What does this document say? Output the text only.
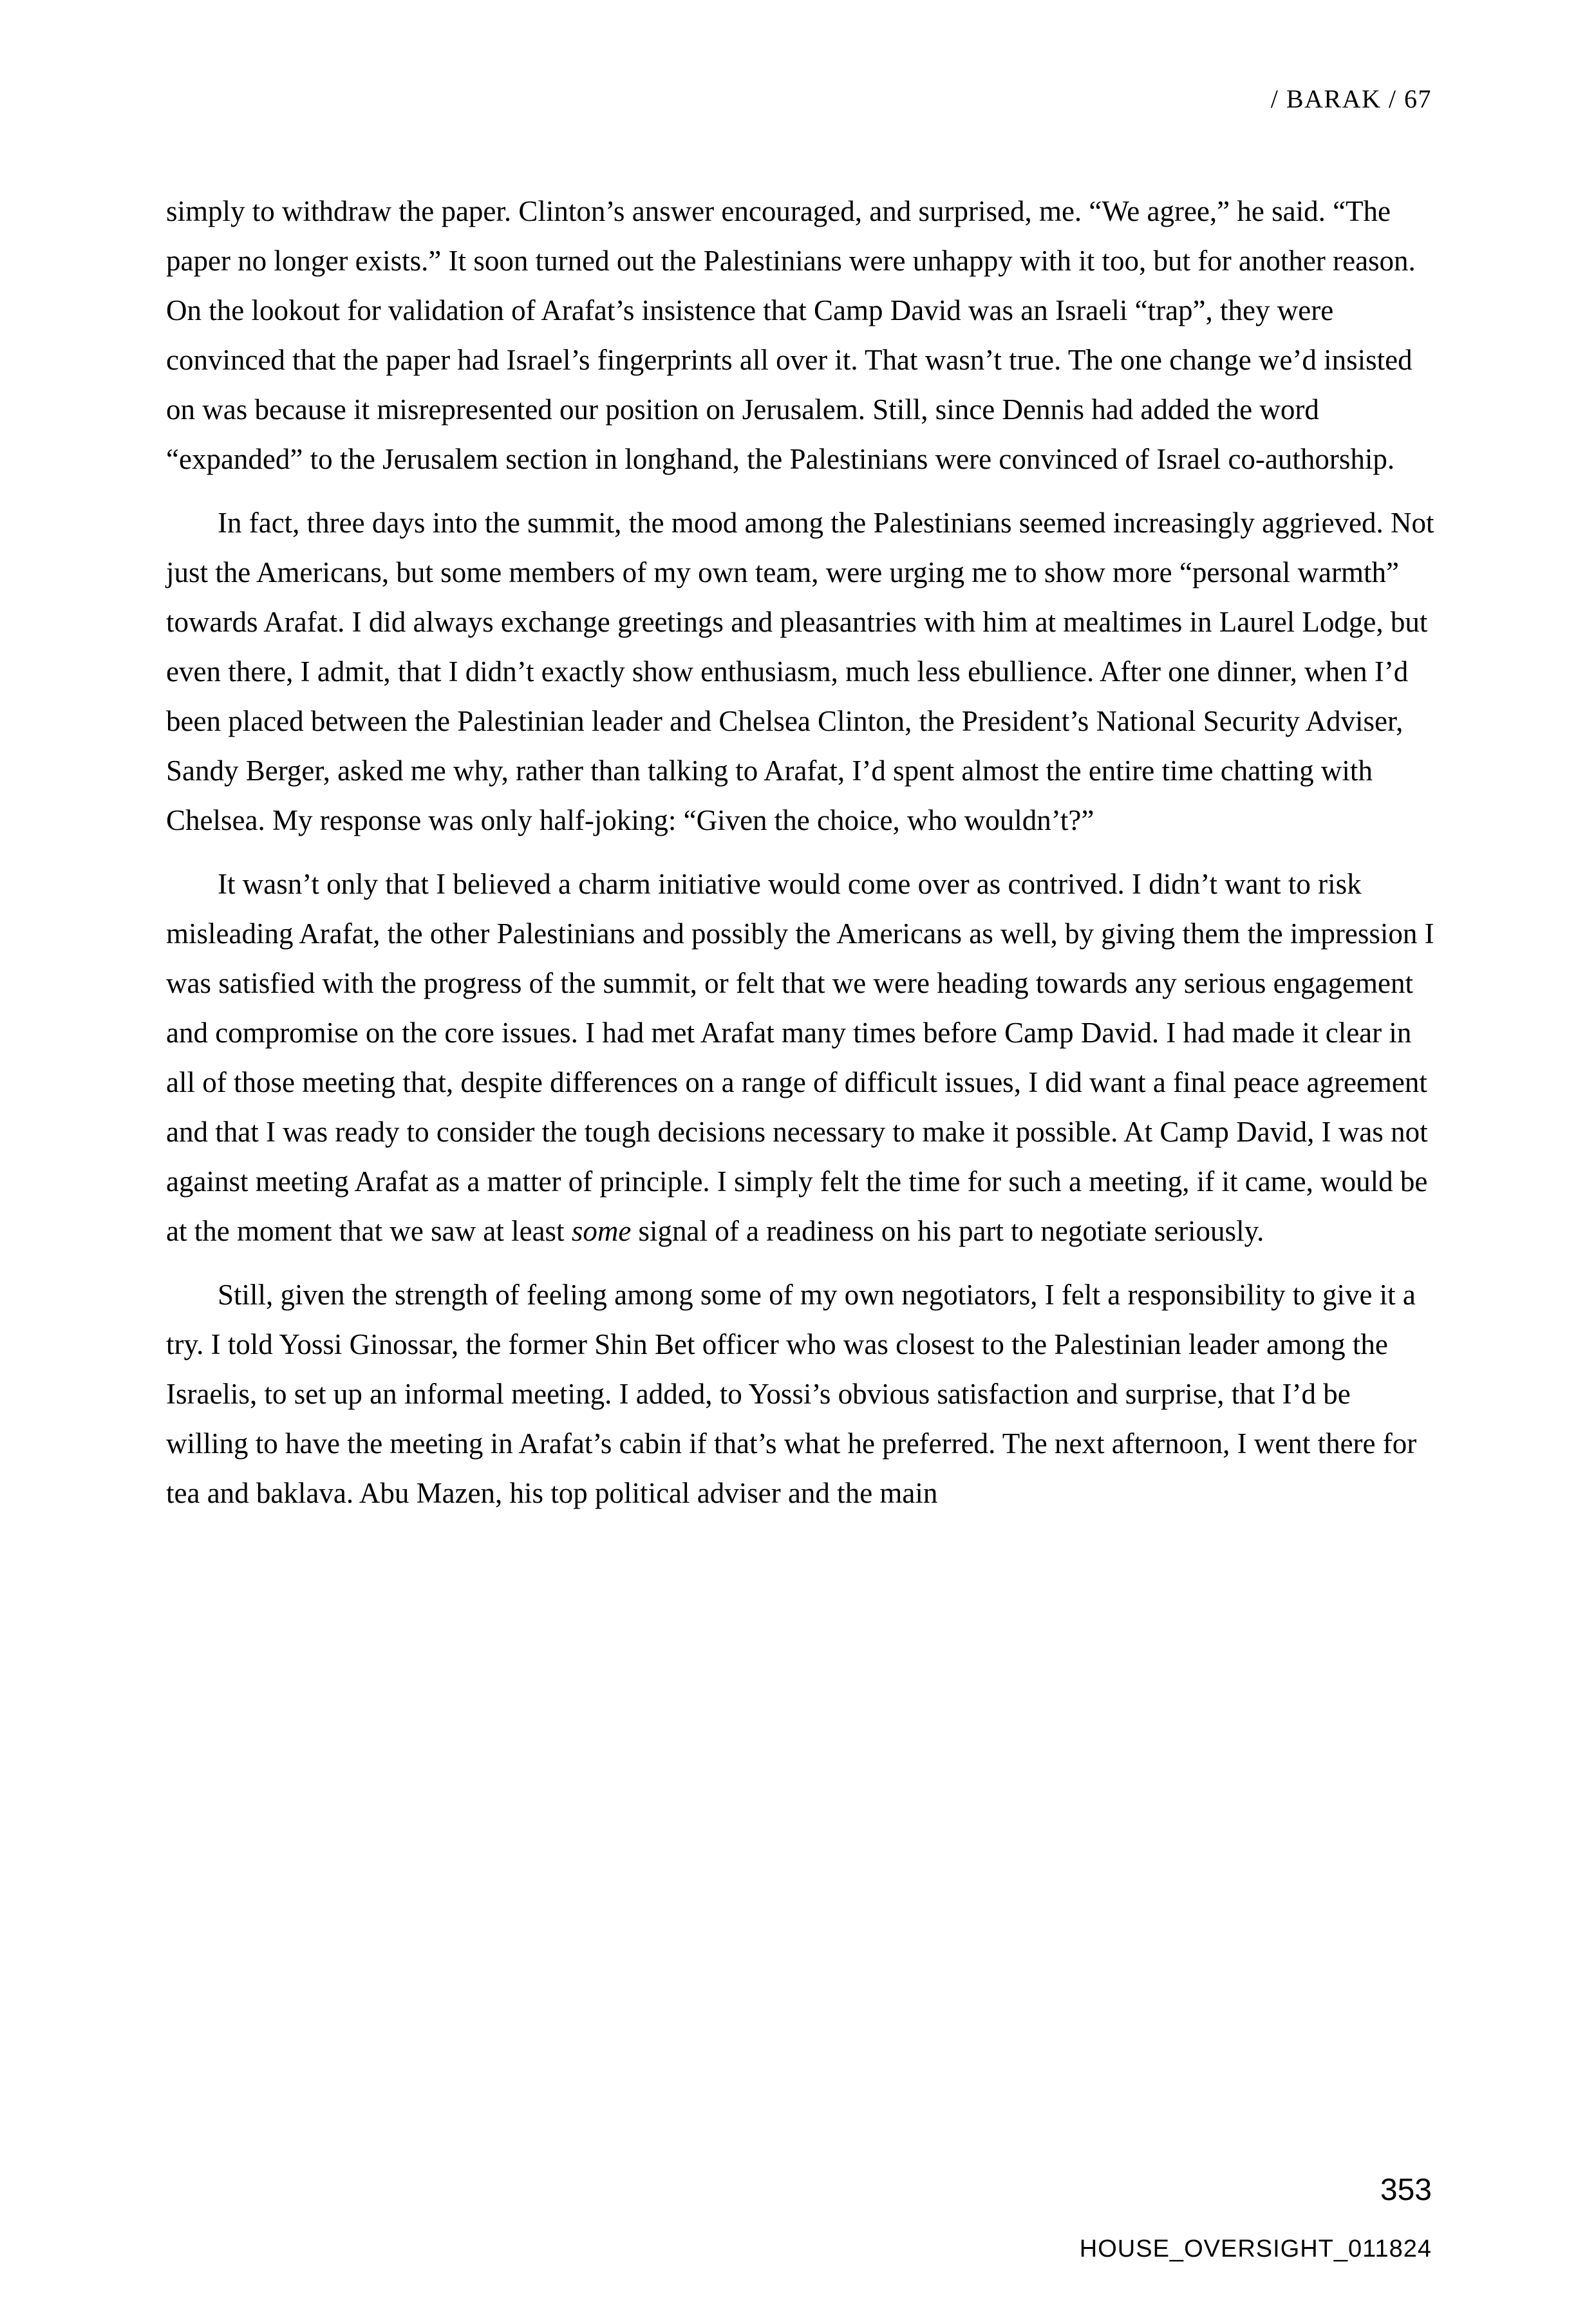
/ BARAK / 67

simply to withdraw the paper. Clinton’s answer encouraged, and surprised, me. “We agree,” he said. “The paper no longer exists.” It soon turned out the Palestinians were unhappy with it too, but for another reason. On the lookout for validation of Arafat’s insistence that Camp David was an Israeli “trap”, they were convinced that the paper had Israel’s fingerprints all over it. That wasn’t true. The one change we’d insisted on was because it misrepresented our position on Jerusalem. Still, since Dennis had added the word “expanded” to the Jerusalem section in longhand, the Palestinians were convinced of Israel co-authorship.

In fact, three days into the summit, the mood among the Palestinians seemed increasingly aggrieved. Not just the Americans, but some members of my own team, were urging me to show more “personal warmth” towards Arafat. I did always exchange greetings and pleasantries with him at mealtimes in Laurel Lodge, but even there, I admit, that I didn’t exactly show enthusiasm, much less ebullience. After one dinner, when I’d been placed between the Palestinian leader and Chelsea Clinton, the President’s National Security Adviser, Sandy Berger, asked me why, rather than talking to Arafat, I’d spent almost the entire time chatting with Chelsea. My response was only half-joking: “Given the choice, who wouldn’t?”

It wasn’t only that I believed a charm initiative would come over as contrived. I didn’t want to risk misleading Arafat, the other Palestinians and possibly the Americans as well, by giving them the impression I was satisfied with the progress of the summit, or felt that we were heading towards any serious engagement and compromise on the core issues. I had met Arafat many times before Camp David. I had made it clear in all of those meeting that, despite differences on a range of difficult issues, I did want a final peace agreement and that I was ready to consider the tough decisions necessary to make it possible. At Camp David, I was not against meeting Arafat as a matter of principle. I simply felt the time for such a meeting, if it came, would be at the moment that we saw at least some signal of a readiness on his part to negotiate seriously.

Still, given the strength of feeling among some of my own negotiators, I felt a responsibility to give it a try. I told Yossi Ginossar, the former Shin Bet officer who was closest to the Palestinian leader among the Israelis, to set up an informal meeting. I added, to Yossi’s obvious satisfaction and surprise, that I’d be willing to have the meeting in Arafat’s cabin if that’s what he preferred. The next afternoon, I went there for tea and baklava. Abu Mazen, his top political adviser and the main

353
HOUSE_OVERSIGHT_011824
